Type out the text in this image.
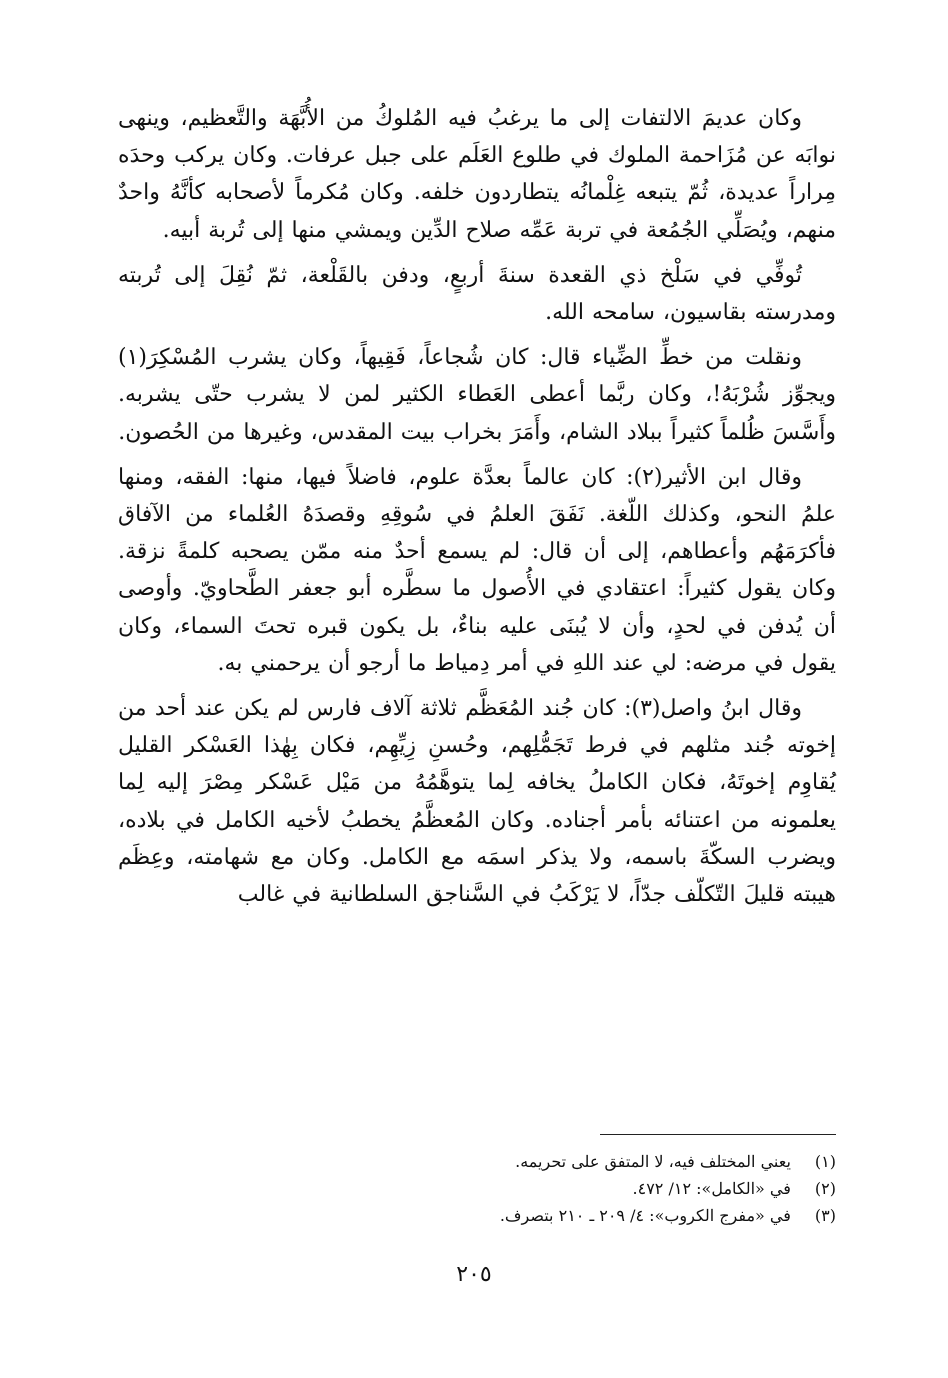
وكان عديمَ الالتفات إلى ما يرغبُ فيه المُلوكُ من الأُبَّهَة والتَّعظيم، وينهى نوابَه عن مُزَاحمة الملوك في طلوع العَلَم على جبل عرفات. وكان يركب وحدَه مِراراً عديدة، ثُمّ يتبعه غِلْمانُه يتطاردون خلفه. وكان مُكرماً لأصحابه كأنَّهُ واحدٌ منهم، ويُصَلِّي الجُمُعة في تربة عَمِّه صلاح الدِّين ويمشي منها إلى تُربة أبيه.

تُوفِّي في سَلْخ ذي القعدة سنةَ أربعٍ، ودفن بالقَلْعة، ثمّ نُقِلَ إلى تُربته ومدرسته بقاسيون، سامحه الله.

ونقلت من خطِّ الضِّياء قال: كان شُجاعاً، فَقِيهاً، وكان يشرب المُسْكِرَ(١) ويجوِّز شُرْبَهُ!، وكان ربَّما أعطى العَطاء الكثير لمن لا يشرب حتّى يشربه. وأَسَّسَ ظُلماً كثيراً ببلاد الشام، وأَمَرَ بخراب بيت المقدس، وغيرها من الحُصون.

وقال ابن الأثير(٢): كان عالماً بعدَّة علوم، فاضلاً فيها، منها: الفقه، ومنها علمُ النحو، وكذلك اللّغة. نَفَقَ العلمُ في سُوقِهِ وقصدَهُ العُلماء من الآفاق فأكرَمَهُم وأعطاهم، إلى أن قال: لم يسمع أحدٌ منه ممّن يصحبه كلمةً نزقة. وكان يقول كثيراً: اعتقادي في الأُصول ما سطَّره أبو جعفر الطَّحاويّ. وأوصى أن يُدفن في لحدٍ، وأن لا يُبنَى عليه بناءٌ، بل يكون قبره تحتَ السماء، وكان يقول في مرضه: لي عند اللهِ في أمر دِمياط ما أرجو أن يرحمني به.

وقال ابنُ واصل(٣): كان جُند المُعَظَّم ثلاثة آلاف فارس لم يكن عند أحد من إخوته جُند مثلهم في فرط تَجَمُّلِهم، وحُسنِ زِيِّهِم، فكان بِهٰذا العَسْكر القليل يُقاوِم إخوتَهُ، فكان الكاملُ يخافه لِما يتوهَّمُهُ من مَيْل عَسْكر مِصْرَ إليه لِما يعلمونه من اعتنائه بأمر أجناده. وكان المُعظَّمُ يخطبُ لأخيه الكامل في بلاده، ويضرب السكّةَ باسمه، ولا يذكر اسمَه مع الكامل. وكان مع شهامته، وعِظَم هيبته قليلَ التّكلّف جدّاً، لا يَرْكَبُ في السَّناجق السلطانية في غالب

(١) يعني المختلف فيه، لا المتفق على تحريمه.
(٢) في «الكامل»: ١٢/ ٤٧٢.
(٣) في «مفرج الكروب»: ٤/ ٢٠٩ ـ ٢١٠ بتصرف.
٢٠٥
